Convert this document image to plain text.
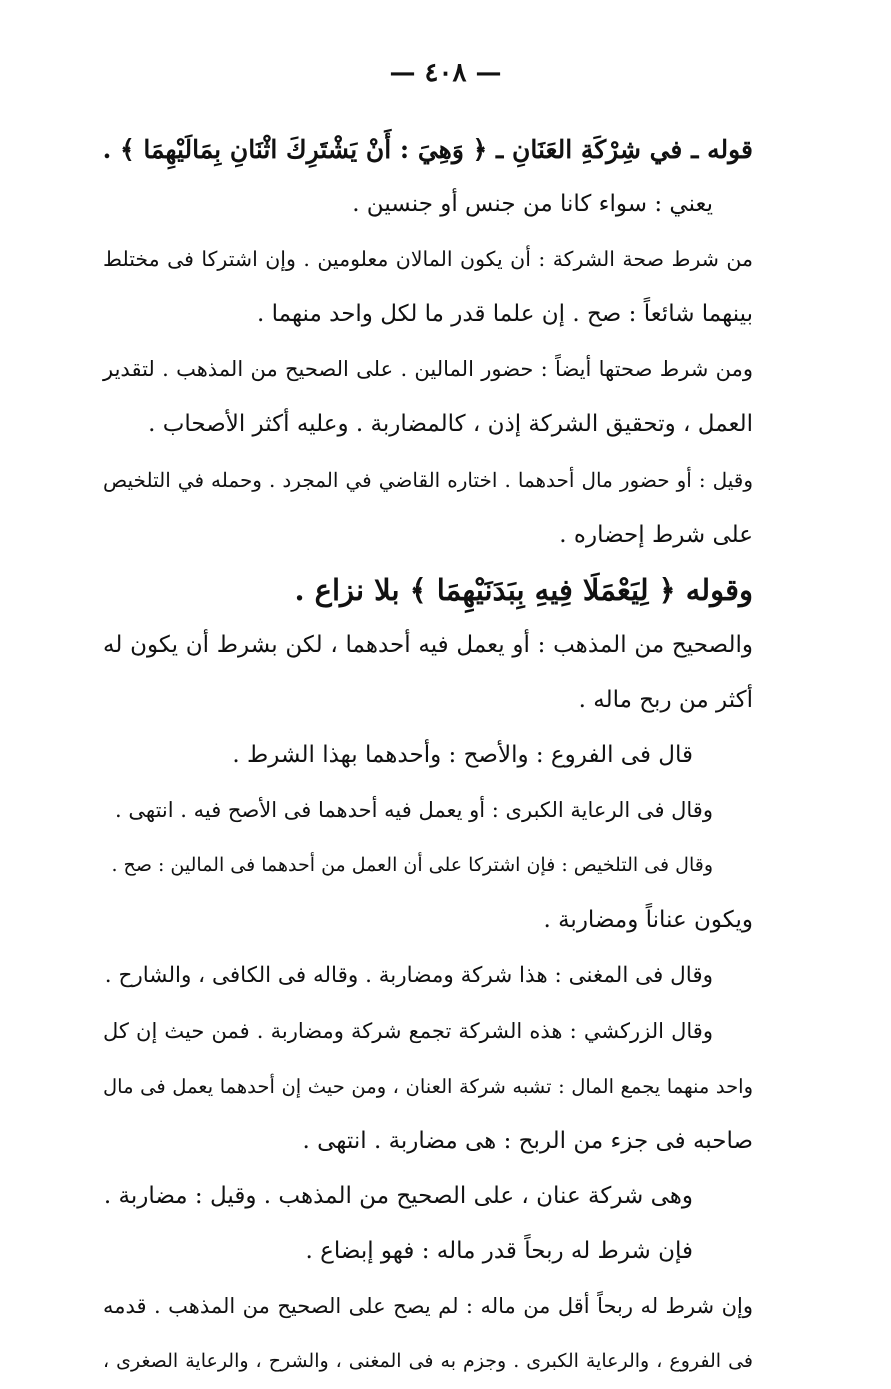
— ٤٠٨ —
قوله ـ في شِرْكَةِ العَنَانِ ـ ﴿ وَهِيَ : أَنْ يَشْتَرِكَ اثْنَانِ بِمَالَيْهِمَا ﴾ .
يعني : سواء كانا من جنس أو جنسين .
من شرط صحة الشركة : أن يكون المالان معلومين . وإن اشتركا فى مختلط
بينهما شائعاً : صح . إن علما قدر ما لكل واحد منهما .
ومن شرط صحتها أيضاً : حضور المالين . على الصحيح من المذهب . لتقدير
العمل ، وتحقيق الشركة إذن ، كالمضاربة . وعليه أكثر الأصحاب .
وقيل : أو حضور مال أحدهما . اختاره القاضي في المجرد . وحمله في التلخيص
على شرط إحضاره .
وقوله ﴿ لِيَعْمَلَا فِيهِ بِبَدَنَيْهِمَا ﴾ بلا نزاع .
والصحيح من المذهب : أو يعمل فيه أحدهما ، لكن بشرط أن يكون له
أكثر من ربح ماله .
قال فى الفروع : والأصح : وأحدهما بهذا الشرط .
وقال فى الرعاية الكبرى : أو يعمل فيه أحدهما فى الأصح فيه . انتهى .
وقال فى التلخيص : فإن اشتركا على أن العمل من أحدهما فى المالين : صح .
ويكون عناناً ومضاربة .
وقال فى المغنى : هذا شركة ومضاربة . وقاله فى الكافى ، والشارح .
وقال الزركشي : هذه الشركة تجمع شركة ومضاربة . فمن حيث إن كل
واحد منهما يجمع المال : تشبه شركة العنان ، ومن حيث إن أحدهما يعمل فى مال
صاحبه فى جزء من الربح : هى مضاربة . انتهى .
وهى شركة عنان ، على الصحيح من المذهب . وقيل : مضاربة .
فإن شرط له ربحاً قدر ماله : فهو إبضاع .
وإن شرط له ربحاً أقل من ماله : لم يصح على الصحيح من المذهب . قدمه
فى الفروع ، والرعاية الكبرى . وجزم به فى المغنى ، والشرح ، والرعاية الصغرى ،
